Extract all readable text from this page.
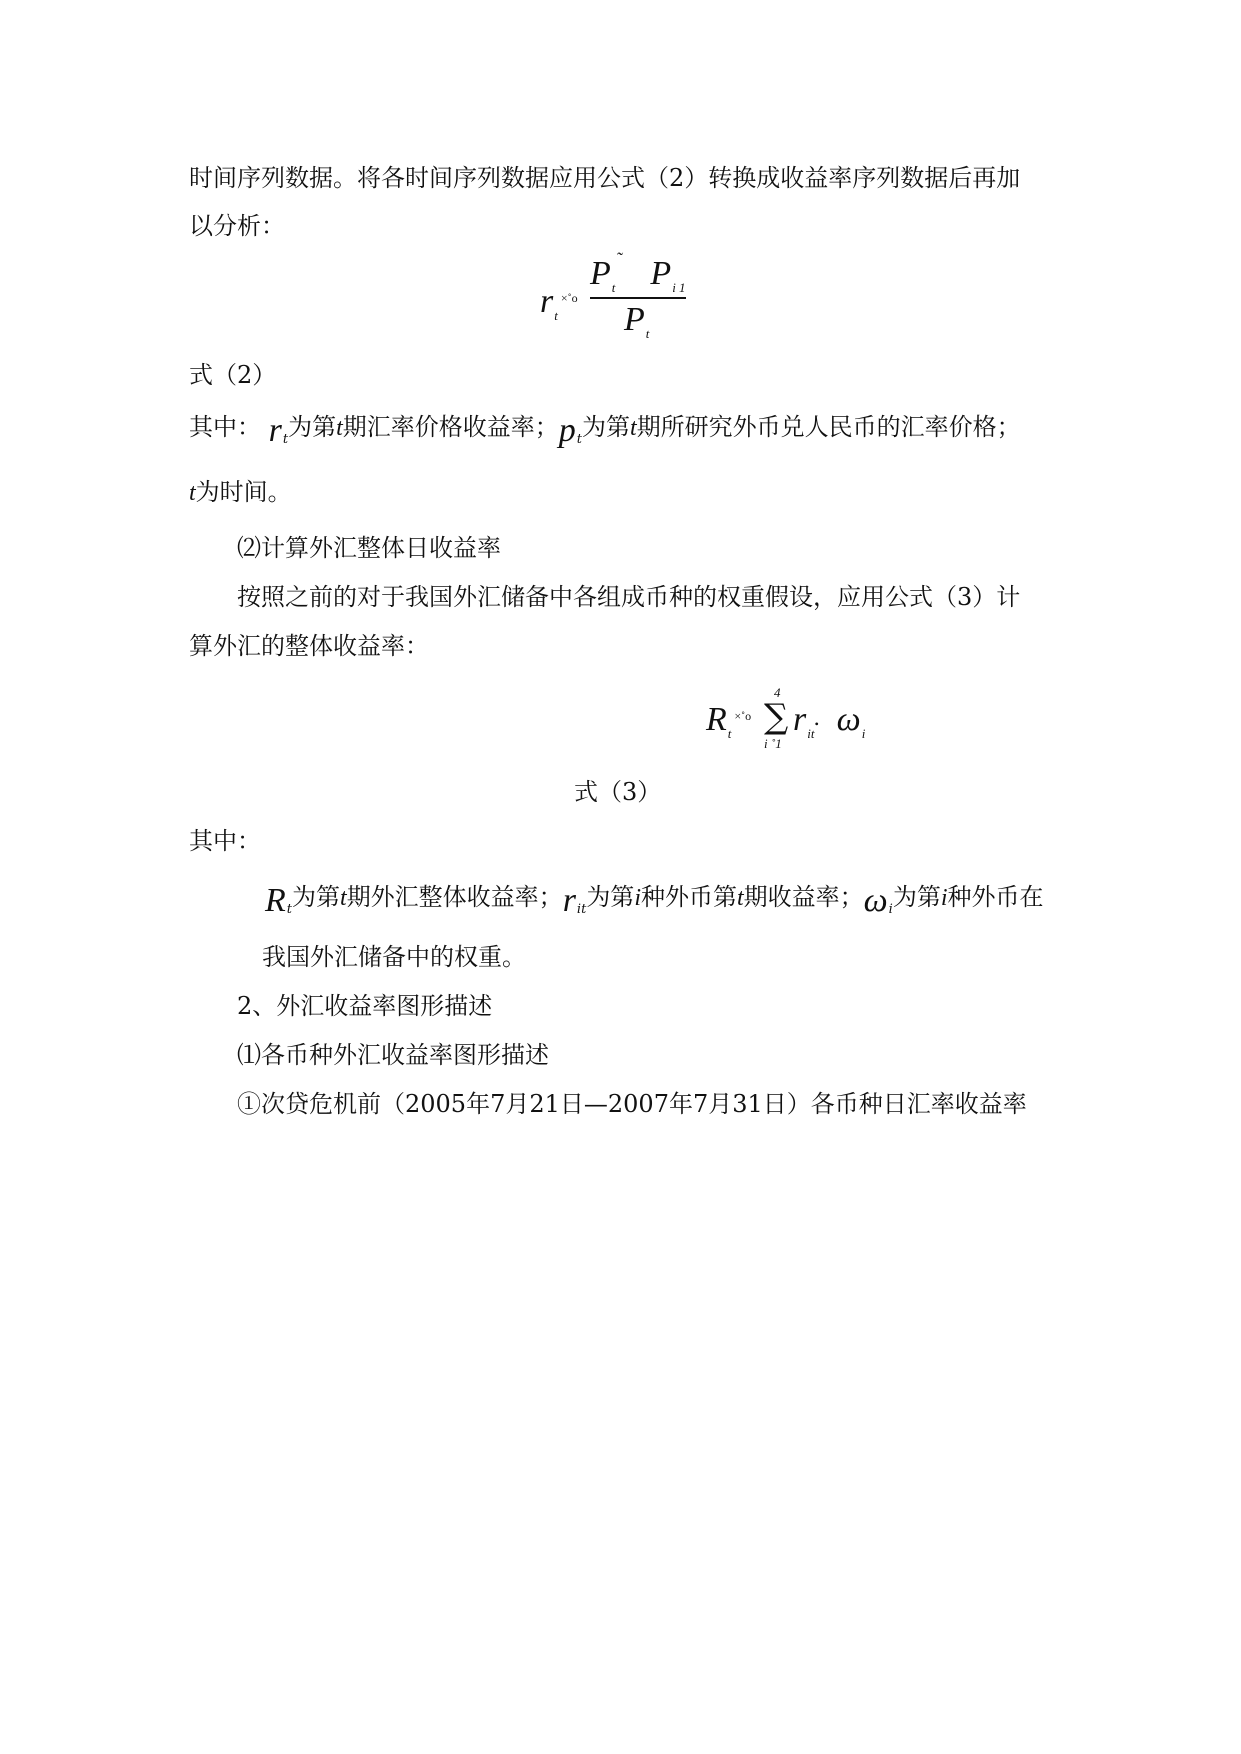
时间序列数据。将各时间序列数据应用公式（2）转换成收益率序列数据后再加
以分析：
$r_t^{\times˚o}$
$P_t$ $P_{i 1}$
˜
$P_t$
式（2）
其中： $r_t$为第t期汇率价格收益率；$p_t$为第t期所研究外币兑人民币的汇率价格；
t为时间。
⑵计算外汇整体日收益率
按照之前的对于我国外汇储备中各组成币种的权重假设，应用公式（3）计
算外汇的整体收益率：
$R_t^{\times˚o}$
4
∑
i ˚1
$r_{it}•$ $\omega_i$
式（3）
其中：
$R_t$为第t期外汇整体收益率；$r_{it}$为第i种外币第t期收益率；$\omega_i$为第i种外币在
我国外汇储备中的权重。
2、外汇收益率图形描述
⑴各币种外汇收益率图形描述
①次贷危机前（2005年7月21日—2007年7月31日）各币种日汇率收益率
